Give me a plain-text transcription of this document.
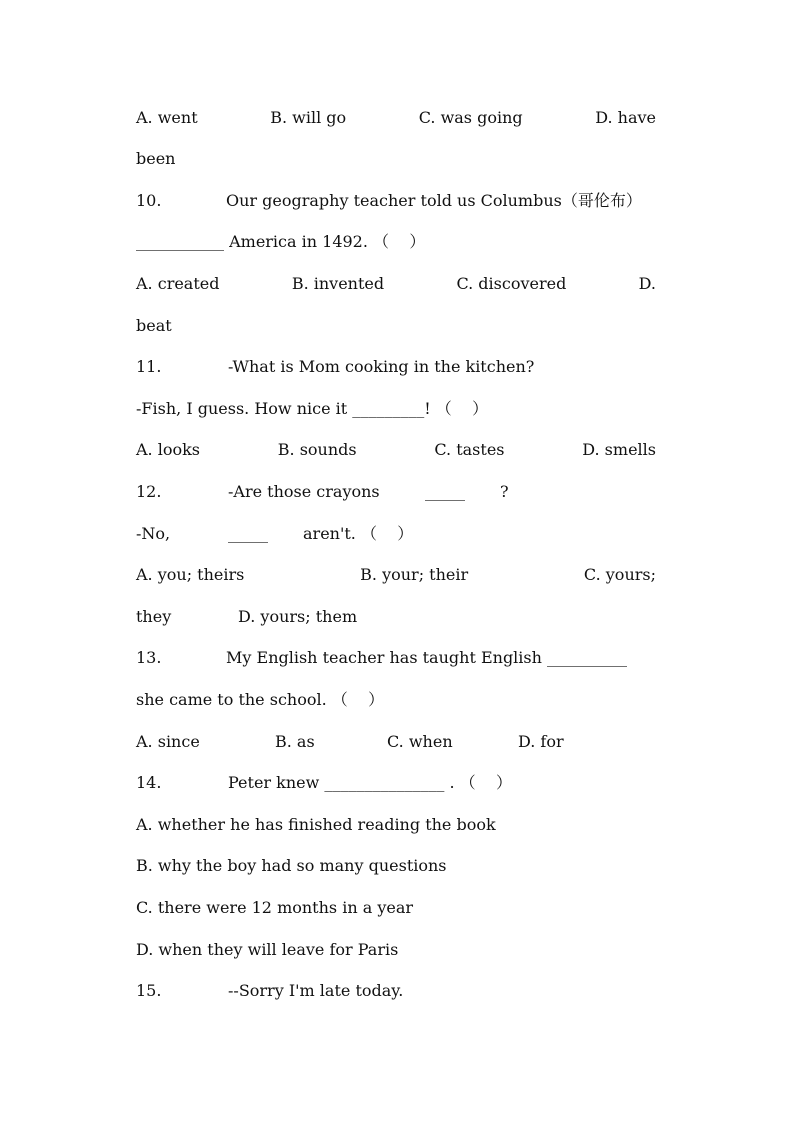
A. went	B. will go	C. was going	D. have
been

10.

	Our geography teacher told us Columbus（哥伦布）

___________ America in 1492. （    ）
A. created	B. invented	C. discovered	D.
beat

11.

	-What is Mom cooking in the kitchen?

-Fish, I guess. How nice it _________! （    ）
A. looks	B. sounds	C. tastes	D. smells

12.

	-Are those crayons

	_____

?

-No,

	_____

aren't. （    ）

A. you; theirs	B. your; their	C. yours;

they

	D. yours; them

13.

	My English teacher has taught English __________

she came to the school. （    ）

A. since

	B. as

	C. when

	D. for

14.

	Peter knew _______________ . （    ）

A. whether he has finished reading the book
B. why the boy had so many questions
C. there were 12 months in a year
D. when they will leave for Paris

15.

	--Sorry I'm late today.
